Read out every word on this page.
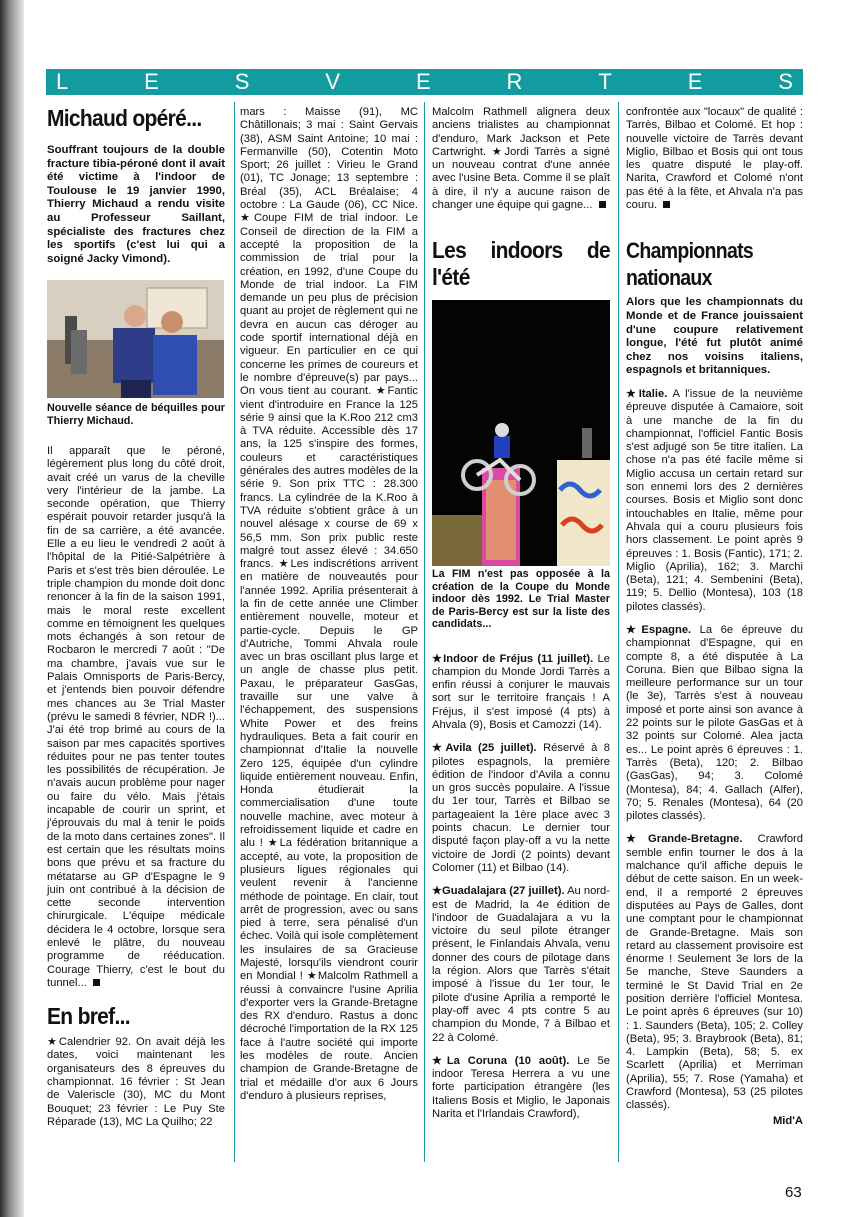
L	E	S	V	E	R	T	E	S
Michaud opéré...

Souffrant toujours de la double fracture tibia-péroné dont il avait été victime à l'indoor de Toulouse le 19 janvier 1990, Thierry Michaud a rendu visite au Professeur Saillant, spécialiste des fractures chez les sportifs (c'est lui qui a soigné Jacky Vimond).

Nouvelle séance de béquilles pour Thierry Michaud.

Il apparaît que le péroné, légèrement plus long du côté droit, avait créé un varus de la cheville very l'intérieur de la jambe. La seconde opération, que Thierry espérait pouvoir retarder jusqu'à la fin de sa carrière, a été avancée. Elle a eu lieu le vendredi 2 août à l'hôpital de la Pitié-Salpétrière à Paris et s'est très bien déroulée. Le triple champion du monde doit donc renoncer à la fin de la saison 1991, mais le moral reste excellent comme en témoignent les quelques mots échangés à son retour de Rocbaron le mercredi 7 août : "De ma chambre, j'avais vue sur le Palais Omnisports de Paris-Bercy, et j'entends bien pouvoir défendre mes chances au 3e Trial Master (prévu le samedi 8 février, NDR !)... J'ai été trop brimé au cours de la saison par mes capacités sportives réduites pour ne pas tenter toutes les possibilités de récupération. Je n'avais aucun problème pour nager ou faire du vélo. Mais j'étais incapable de courir un sprint, et j'éprouvais du mal à tenir le poids de la moto dans certaines zones". Il est certain que les résultats moins bons que prévu et sa fracture du métatarse au GP d'Espagne le 9 juin ont contribué à la décision de cette seconde intervention chirurgicale. L'équipe médicale décidera le 4 octobre, lorsque sera enlevé le plâtre, du nouveau programme de rééducation. Courage Thierry, c'est le bout du tunnel...

En bref...

★Calendrier 92. On avait déjà les dates, voici maintenant les organisateurs des 8 épreuves du championnat. 16 février : St Jean de Valeriscle (30), MC du Mont Bouquet; 23 février : Le Puy Ste Réparade (13), MC La Quilho; 22

mars : Maisse (91), MC Châtillonais; 3 mai : Saint Gervais (38), ASM Saint Antoine; 10 mai : Fermanville (50), Cotentin Moto Sport; 26 juillet : Virieu le Grand (01), TC Jonage; 13 septembre : Bréal (35), ACL Bréalaise; 4 octobre : La Gaude (06), CC Nice. ★Coupe FIM de trial indoor. Le Conseil de direction de la FIM a accepté la proposition de la commission de trial pour la création, en 1992, d'une Coupe du Monde de trial indoor. La FIM demande un peu plus de précision quant au projet de règlement qui ne devra en aucun cas déroger au code sportif international déjà en vigueur. En particulier en ce qui concerne les primes de coureurs et le nombre d'épreuve(s) par pays... On vous tient au courant. ★Fantic vient d'introduire en France la 125 série 9 ainsi que la K.Roo 212 cm3 à TVA réduite. Accessible dès 17 ans, la 125 s'inspire des formes, couleurs et caractéristiques générales des autres modèles de la série 9. Son prix TTC : 28.300 francs. La cylindrée de la K.Roo à TVA réduite s'obtient grâce à un nouvel alésage x course de 69 x 56,5 mm. Son prix public reste malgré tout assez élevé : 34.650 francs. ★Les indiscrétions arrivent en matière de nouveautés pour l'année 1992. Aprilia présenterait à la fin de cette année une Climber entièrement nouvelle, moteur et partie-cycle. Depuis le GP d'Autriche, Tommi Ahvala roule avec un bras oscillant plus large et un angle de chasse plus petit. Paxau, le préparateur GasGas, travaille sur une valve à l'échappement, des suspensions White Power et des freins hydrauliques. Beta a fait courir en championnat d'Italie la nouvelle Zero 125, équipée d'un cylindre liquide entièrement nouveau. Enfin, Honda étudierait la commercialisation d'une toute nouvelle machine, avec moteur à refroidissement liquide et cadre en alu ! ★La fédération britannique a accepté, au vote, la proposition de plusieurs ligues régionales qui veulent revenir à l'ancienne méthode de pointage. En clair, tout arrêt de progression, avec ou sans pied à terre, sera pénalisé d'un échec. Voilà qui isole complètement les insulaires de sa Gracieuse Majesté, lorsqu'ils viendront courir en Mondial ! ★Malcolm Rathmell a réussi à convaincre l'usine Aprilia d'exporter vers la Grande-Bretagne des RX d'enduro. Rastus a donc décroché l'importation de la RX 125 face à l'autre société qui importe les modèles de route. Ancien champion de Grande-Bretagne de trial et médaille d'or aux 6 Jours d'enduro à plusieurs reprises,

Malcolm Rathmell alignera deux anciens trialistes au championnat d'enduro, Mark Jackson et Pete Cartwright. ★Jordi Tarrès a signé un nouveau contrat d'une année avec l'usine Beta. Comme il se plaît à dire, il n'y a aucune raison de changer une équipe qui gagne...

Les indoors de l'été

La FIM n'est pas opposée à la création de la Coupe du Monde indoor dès 1992. Le Trial Master de Paris-Bercy est sur la liste des candidats...

★Indoor de Fréjus (11 juillet). Le champion du Monde Jordi Tarrès a enfin réussi à conjurer le mauvais sort sur le territoire français ! A Fréjus, il s'est imposé (4 pts) à Ahvala (9), Bosis et Camozzi (14).

★Avila (25 juillet). Réservé à 8 pilotes espagnols, la première édition de l'indoor d'Avila a connu un gros succès populaire. A l'issue du 1er tour, Tarrès et Bilbao se partageaient la 1ère place avec 3 points chacun. Le dernier tour disputé façon play-off a vu la nette victoire de Jordi (2 points) devant Colomer (11) et Bilbao (14).

★Guadalajara (27 juillet). Au nord-est de Madrid, la 4e édition de l'indoor de Guadalajara a vu la victoire du seul pilote étranger présent, le Finlandais Ahvala, venu donner des cours de pilotage dans la région. Alors que Tarrès s'était imposé à l'issue du 1er tour, le pilote d'usine Aprilia a remporté le play-off avec 4 pts contre 5 au champion du Monde, 7 à Bilbao et 22 à Colomé.

★La Coruna (10 août). Le 5e indoor Teresa Herrera a vu une forte participation étrangère (les Italiens Bosis et Miglio, le Japonais Narita et l'Irlandais Crawford),

confrontée aux "locaux" de qualité : Tarrès, Bilbao et Colomé. Et hop : nouvelle victoire de Tarrès devant Miglio, Bilbao et Bosis qui ont tous les quatre disputé le play-off. Narita, Crawford et Colomé n'ont pas été à la fête, et Ahvala n'a pas couru.

Championnats nationaux

Alors que les championnats du Monde et de France jouissaient d'une coupure relativement longue, l'été fut plutôt animé chez nos voisins italiens, espagnols et britanniques.

★Italie. A l'issue de la neuvième épreuve disputée à Camaiore, soit à une manche de la fin du championnat, l'officiel Fantic Bosis s'est adjugé son 5e titre italien. La chose n'a pas été facile même si Miglio accusa un certain retard sur son ennemi lors des 2 dernières courses. Bosis et Miglio sont donc intouchables en Italie, même pour Ahvala qui a couru plusieurs fois hors classement. Le point après 9 épreuves : 1. Bosis (Fantic), 171; 2. Miglio (Aprilia), 162; 3. Marchi (Beta), 121; 4. Sembenini (Beta), 119; 5. Dellio (Montesa), 103 (18 pilotes classés).

★Espagne. La 6e épreuve du championnat d'Espagne, qui en compte 8, a été disputée à La Coruna. Bien que Bilbao signa la meilleure performance sur un tour (le 3e), Tarrès s'est à nouveau imposé et porte ainsi son avance à 22 points sur le pilote GasGas et à 32 points sur Colomé. Alea jacta es... Le point après 6 épreuves : 1. Tarrès (Beta), 120; 2. Bilbao (GasGas), 94; 3. Colomé (Montesa), 84; 4. Gallach (Alfer), 70; 5. Renales (Montesa), 64 (20 pilotes classés).

★Grande-Bretagne. Crawford semble enfin tourner le dos à la malchance qu'il affiche depuis le début de cette saison. En un week-end, il a remporté 2 épreuves disputées au Pays de Galles, dont une comptant pour le championnat de Grande-Bretagne. Mais son retard au classement provisoire est énorme ! Seulement 3e lors de la 5e manche, Steve Saunders a terminé le St David Trial en 2e position derrière l'officiel Montesa. Le point après 6 épreuves (sur 10) : 1. Saunders (Beta), 105; 2. Colley (Beta), 95; 3. Braybrook (Beta), 81; 4. Lampkin (Beta), 58; 5. ex Scarlett (Aprilia) et Merriman (Aprilia), 55; 7. Rose (Yamaha) et Crawford (Montesa), 53 (25 pilotes classés).

Mid'A

63
